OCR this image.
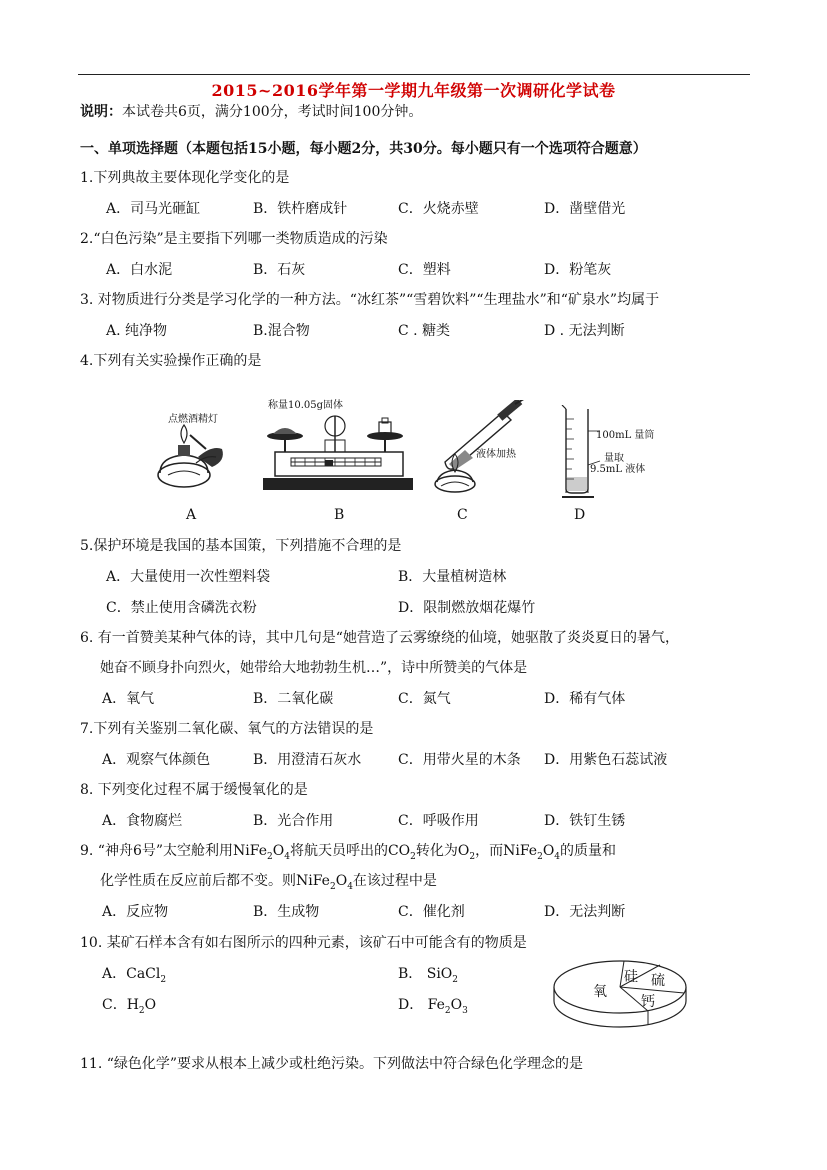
2015~2016学年第一学期九年级第一次调研化学试卷
说明：本试卷共6页，满分100分，考试时间100分钟。
一、单项选择题（本题包括15小题，每小题2分，共30分。每小题只有一个选项符合题意）
1.下列典故主要体现化学变化的是
A．司马光砸缸	B．铁杵磨成针	C．火烧赤壁	D．凿壁借光
2.“白色污染”是主要指下列哪一类物质造成的污染
A．白水泥	B．石灰	C．塑料	D．粉笔灰
3. 对物质进行分类是学习化学的一种方法。“冰红茶”“雪碧饮料”“生理盐水”和“矿泉水”均属于
A. 纯净物	B.混合物	C . 糖类	D . 无法判断
4.下列有关实验操作正确的是
点燃酒精灯
称量10.05g固体
液体加热
100mL 量筒
量取
9.5mL 液体
A	B	C	D
5.保护环境是我国的基本国策，下列措施不合理的是
A．大量使用一次性塑料袋	B．大量植树造林
C．禁止使用含磷洗衣粉	D．限制燃放烟花爆竹
6. 有一首赞美某种气体的诗，其中几句是“她营造了云雾缭绕的仙境，她驱散了炎炎夏日的暑气，
她奋不顾身扑向烈火，她带给大地勃勃生机…”，诗中所赞美的气体是
A．氧气	B．二氧化碳	C．氮气	D．稀有气体
7.下列有关鉴别二氧化碳、氧气的方法错误的是
A．观察气体颜色	B．用澄清石灰水	C．用带火星的木条 D．用紫色石蕊试液
8. 下列变化过程不属于缓慢氧化的是
A．食物腐烂	B．光合作用	C．呼吸作用	D．铁钉生锈
9. “神舟6号”太空舱利用$NiFe_2O_4$将航天员呼出的$CO_2$转化为$O_2$，而$NiFe_2O_4$的质量和
化学性质在反应前后都不变。则$NiFe_2O_4$在该过程中是
A．反应物	B．生成物	C．催化剂	D．无法判断
10. 某矿石样本含有如右图所示的四种元素，该矿石中可能含有的物质是
A．CaCl$_2$	B． SiO$_2$
C．$H_2O$	D． $Fe_2O_3$
氧
硅 硫
钙
11. “绿色化学”要求从根本上减少或杜绝污染。下列做法中符合绿色化学理念的是
